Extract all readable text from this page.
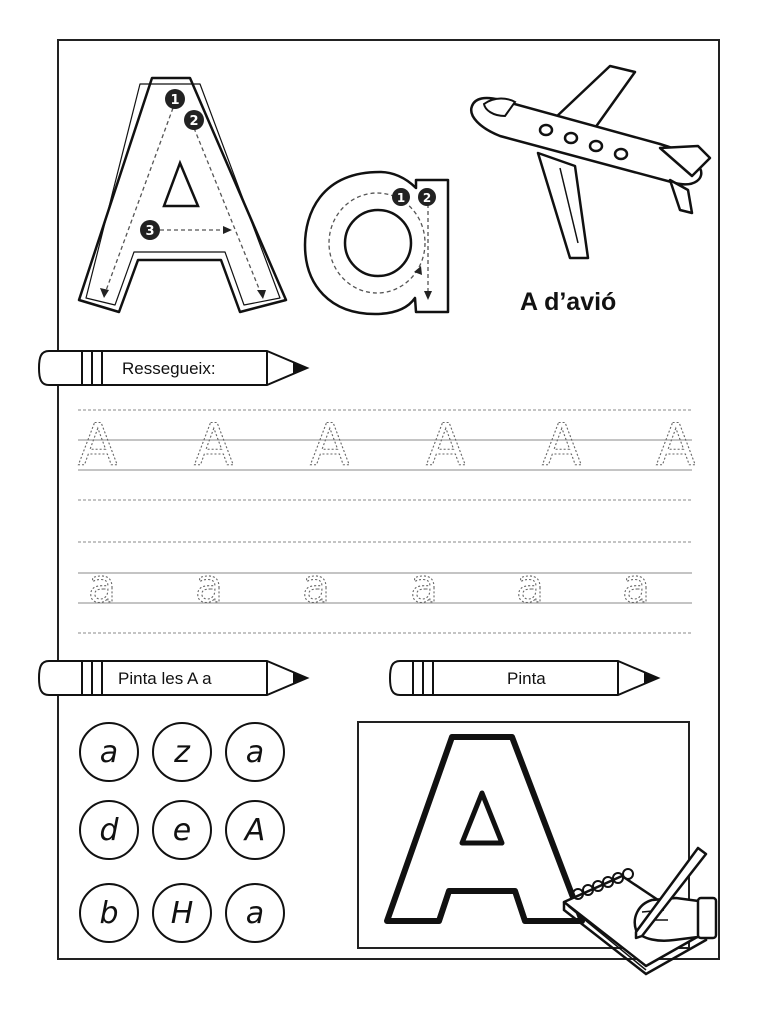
1
2
3
1 2
A d’avió
Ressegueix:
A A A A A A
a a a a a a
Pinta les A a	Pinta
a	z	a
d	e	A
b	H	a
A
